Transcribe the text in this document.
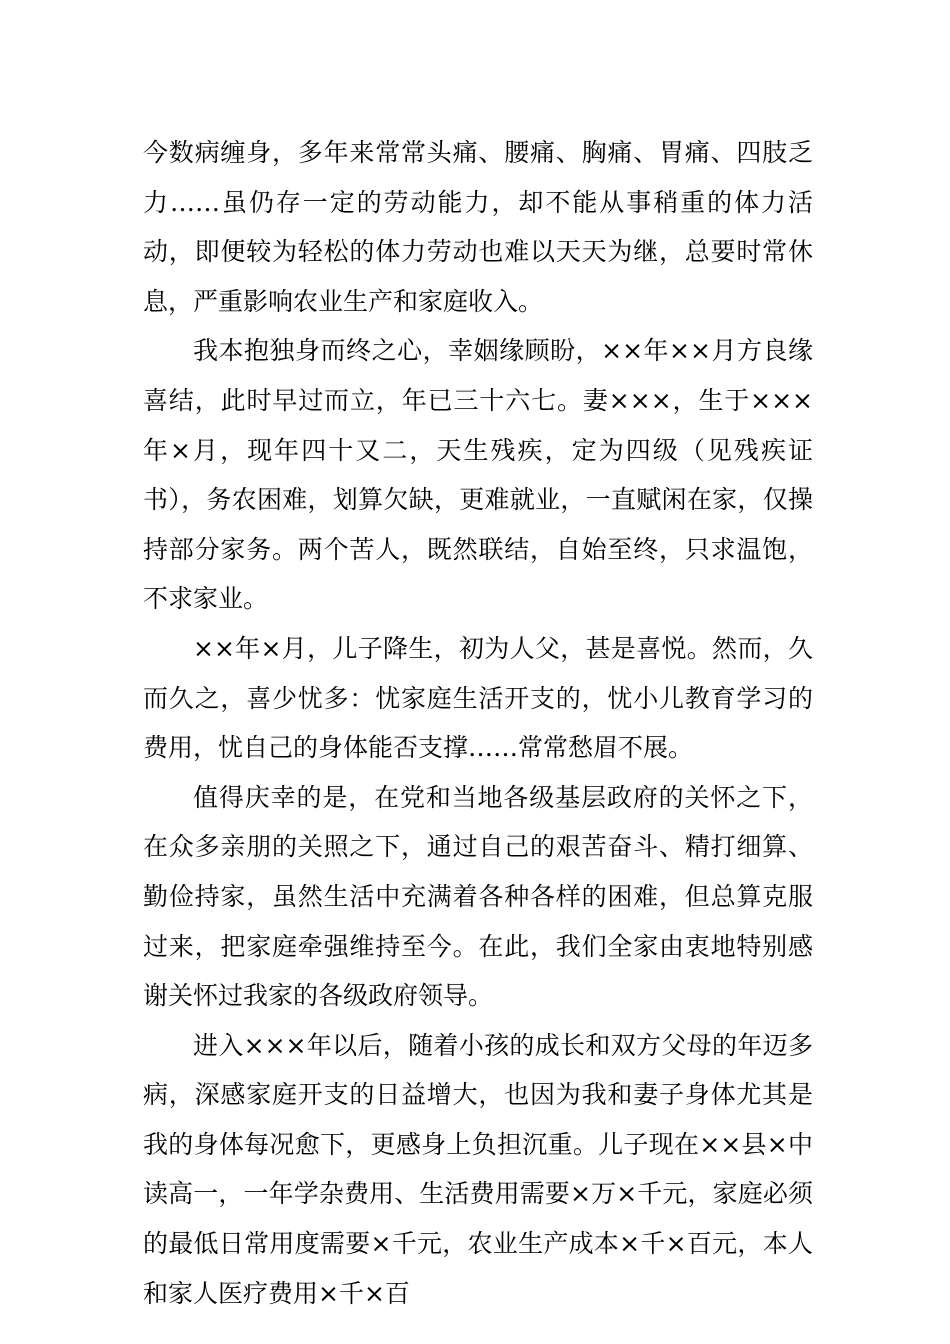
今数病缠身，多年来常常头痛、腰痛、胸痛、胃痛、四肢乏力……虽仍存一定的劳动能力，却不能从事稍重的体力活动，即便较为轻松的体力劳动也难以天天为继，总要时常休息，严重影响农业生产和家庭收入。

我本抱独身而终之心，幸姻缘顾盼，××年××月方良缘喜结，此时早过而立，年已三十六七。妻×××，生于×××年×月，现年四十又二，天生残疾，定为四级（见残疾证书），务农困难，划算欠缺，更难就业，一直赋闲在家，仅操持部分家务。两个苦人，既然联结，自始至终，只求温饱，不求家业。

××年×月，儿子降生，初为人父，甚是喜悦。然而，久而久之，喜少忧多：忧家庭生活开支的，忧小儿教育学习的费用，忧自己的身体能否支撑……常常愁眉不展。

值得庆幸的是，在党和当地各级基层政府的关怀之下，在众多亲朋的关照之下，通过自己的艰苦奋斗、精打细算、勤俭持家，虽然生活中充满着各种各样的困难，但总算克服过来，把家庭牵强维持至今。在此，我们全家由衷地特别感谢关怀过我家的各级政府领导。

进入×××年以后，随着小孩的成长和双方父母的年迈多病，深感家庭开支的日益增大，也因为我和妻子身体尤其是我的身体每况愈下，更感身上负担沉重。儿子现在××县×中读高一，一年学杂费用、生活费用需要×万×千元，家庭必须的最低日常用度需要×千元，农业生产成本×千×百元，本人和家人医疗费用×千×百
